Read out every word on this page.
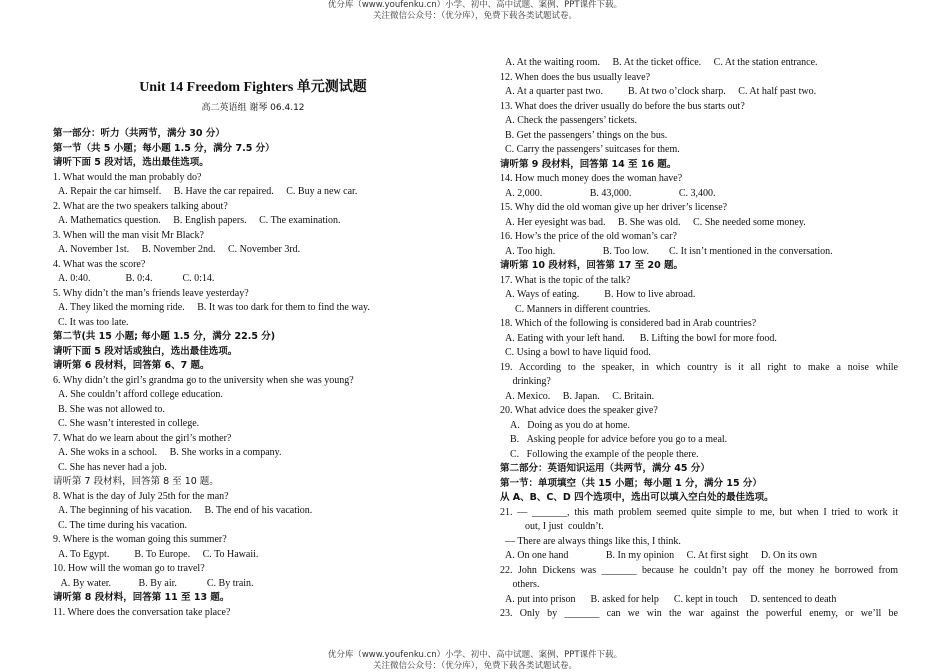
优分库（www.youfenku.cn）小学、初中、高中试题、案例、PPT课件下载。
关注微信公众号：（优分库），免费下载各类试题试卷。
Unit 14 Freedom Fighters 单元测试题
高二英语组 谢琴 06.4.12
第一部分：听力（共两节，满分 30 分）
第一节（共 5 小题；每小题 1.5 分，满分 7.5 分）
请听下面 5 段对话，选出最佳选项。
1. What would the man probably do?
A. Repair the car himself.     B. Have the car repaired.     C. Buy a new car.
2. What are the two speakers talking about?
A. Mathematics question.     B. English papers.     C. The examination.
3. When will the man visit Mr Black?
A. November 1st.     B. November 2nd.     C. November 3rd.
4. What was the score?
A. 0:40.              B. 0:4.            C. 0:14.
5. Why didn’t the man’s friends leave yesterday?
A. They liked the morning ride.     B. It was too dark for them to find the way.
C. It was too late.
第二节(共 15 小题; 每小题 1.5 分，满分 22.5 分)
请听下面 5 段对话或独白，选出最佳选项。
请听第 6 段材料，回答第 6、7 题。
6. Why didn’t the girl’s grandma go to the university when she was young?
A. She couldn’t afford college education.
B. She was not allowed to.
C. She wasn’t interested in college.
7. What do we learn about the girl’s mother?
A. She woks in a school.     B. She works in a company.
C. She has never had a job.
请听第 7 段材料，回答第 8 至 10 题。
8. What is the day of July 25th for the man?
A. The beginning of his vacation.     B. The end of his vacation.
C. The time during his vacation.
9. Where is the woman going this summer?
A. To Egypt.          B. To Europe.     C. To Hawaii.
10. How will the woman go to travel?
A. By water.           B. By air.            C. By train.
请听第 8 段材料，回答第 11 至 13 题。
11. Where does the conversation take place?
A. At the waiting room.     B. At the ticket office.     C. At the station entrance.
12. When does the bus usually leave?
A. At a quarter past two.          B. At two o’clock sharp.     C. At half past two.
13. What does the driver usually do before the bus starts out?
A. Check the passengers’ tickets.
B. Get the passengers’ things on the bus.
C. Carry the passengers’ suitcases for them.
请听第 9 段材料，回答第 14 至 16 题。
14. How much money does the woman have?
A. 2,000.                   B. 43,000.                   C. 3,400.
15. Why did the old woman give up her driver’s license?
A. Her eyesight was bad.     B. She was old.     C. She needed some money.
16. How’s the price of the old woman’s car?
A. Too high.                   B. Too low.        C. It isn’t mentioned in the conversation.
请听第 10 段材料，回答第 17 至 20 题。
17. What is the topic of the talk?
A. Ways of eating.          B. How to live abroad.
C. Manners in different countries.
18. Which of the following is considered bad in Arab countries?
A. Eating with your left hand.      B. Lifting the bowl for more food.
C. Using a bowl to have liquid food.
19. According to the speaker, in which country is it all right to make a noise while
drinking?
A. Mexico.     B. Japan.     C. Britain.
20. What advice does the speaker give?
A.   Doing as you do at home.
B.   Asking people for advice before you go to a meal.
C.   Following the example of the people there.
第二部分：英语知识运用（共两节，满分 45 分）
第一节：单项填空（共 15 小题；每小题 1 分，满分 15 分）
从 A、B、C、D 四个选项中，选出可以填入空白处的最佳选项。
21. — _______, this math problem seemed quite simple to me, but when I tried to work it
out, I just  couldn’t.
— There are always things like this, I think.
A. On one hand               B. In my opinion     C. At first sight     D. On its own
22. John Dickens was _______ because he couldn’t pay off the money he borrowed from
others.
A. put into prison      B. asked for help      C. kept in touch     D. sentenced to death
23.  Only  by  _______  can  we  win  the  war  against  the  powerful  enemy,  or  we’ll  be
优分库（www.youfenku.cn）小学、初中、高中试题、案例、PPT课件下载。
关注微信公众号：（优分库），免费下载各类试题试卷。
